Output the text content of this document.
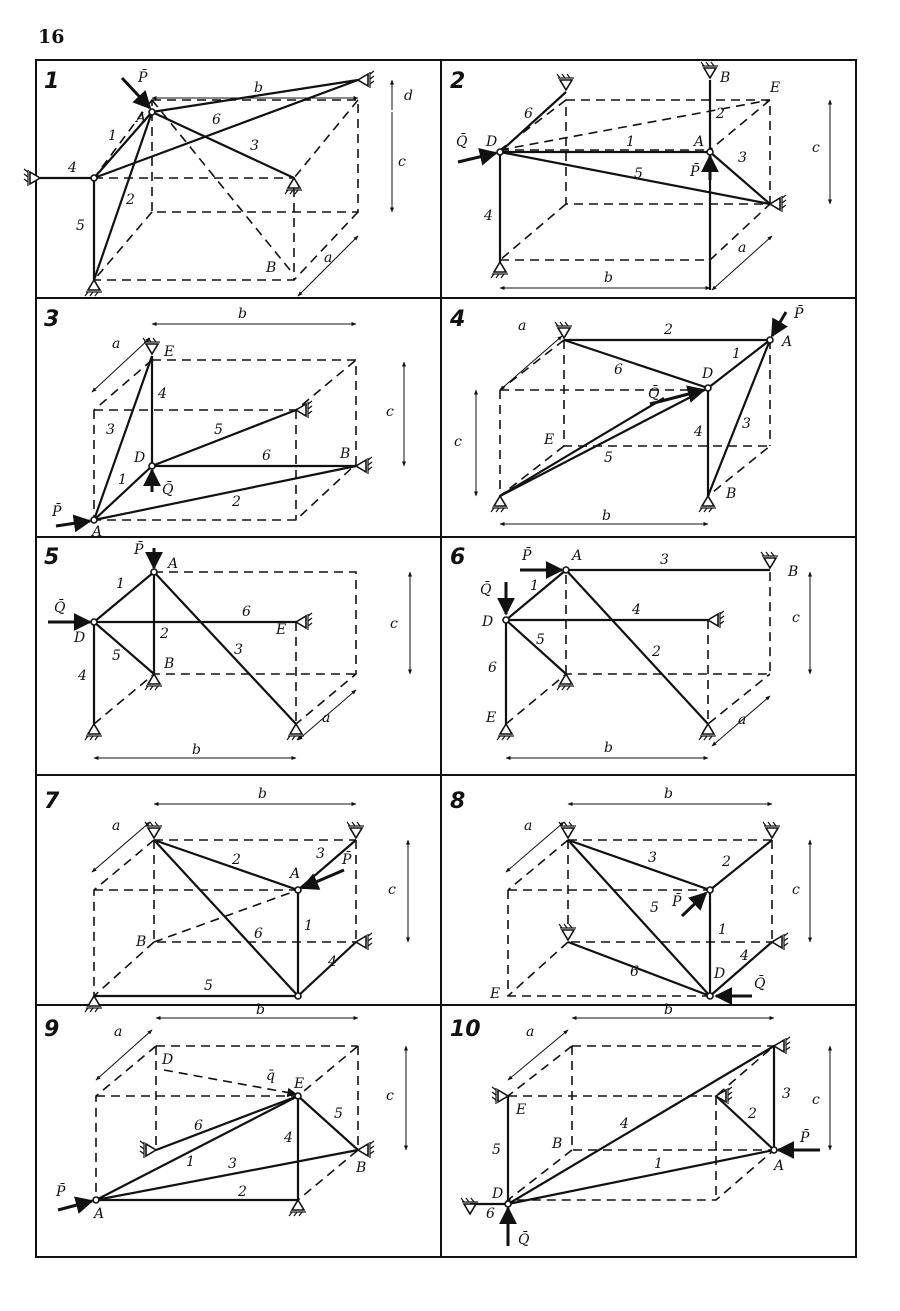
16
1	P̄
b	d
c
a
A
B
1
2
3
4
5
6
2	B
E
Q̄ D	A
P̄
c
a
b
1
2
3
4
5
6
3
a
b
E
c
D
Q̄
B
P̄
A
1
2
3
4
5
6
4	a
P̄
A
D
Q̄
E
c
B
b
1
2
3
4
5
6
5	P̄
A
Q̄
D	E
B
c
a
b
1
2
3
4
5
6
6	P̄	A
B
Q̄
D	c
E	a
b
1
2
3
4
5
6
7
a
b
A
P̄
c
B
1
2	3
4
5
6
8
a
b
c
P̄
D
Q̄
E
1
2
3
4
5
6
9	a
b
D
q̄ E
c
B
P̄
A
1
2
3
4
5
6
10
b
a
c
E
B	P̄
A
D
Q̄
1
2
3
4
5
6
